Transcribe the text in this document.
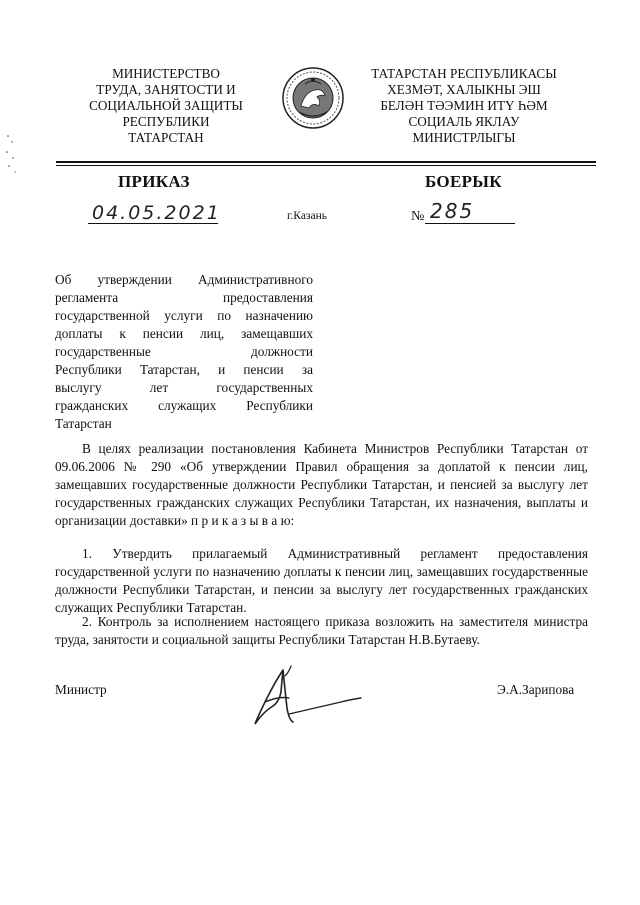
МИНИСТЕРСТВО
ТРУДА, ЗАНЯТОСТИ И
СОЦИАЛЬНОЙ ЗАЩИТЫ
РЕСПУБЛИКИ
ТАТАРСТАН
ТАТАРСТАН РЕСПУБЛИКАСЫ
ХЕЗМӘТ, ХАЛЫКНЫ ЭШ
БЕЛӘН ТӘЭМИН ИТҮ ҺӘМ
СОЦИАЛЬ ЯКЛАУ
МИНИСТРЛЫГЫ
ПРИКАЗ	БОЕРЫК
04.05.2021	г.Казань	№ 285
Об утверждении Административного
регламента предоставления
государственной услуги по назначению
доплаты к пенсии лиц, замещавших
государственные должности
Республики Татарстан, и пенсии за
выслугу лет государственных
гражданских служащих Республики
Татарстан
В целях реализации постановления Кабинета Министров Республики Татарстан от 09.06.2006 № 290 «Об утверждении Правил обращения за доплатой к пенсии лиц, замещавших государственные должности Республики Татарстан, и пенсией за выслугу лет государственных гражданских служащих Республики Татарстан, их назначения, выплаты и организации доставки» п р и к а з ы в а ю:
1. Утвердить прилагаемый Административный регламент предоставления государственной услуги по назначению доплаты к пенсии лиц, замещавших государственные должности Республики Татарстан, и пенсии за выслугу лет государственных гражданских служащих Республики Татарстан.
2. Контроль за исполнением настоящего приказа возложить на заместителя министра труда, занятости и социальной защиты Республики Татарстан Н.В.Бутаеву.
Министр	Э.А.Зарипова
